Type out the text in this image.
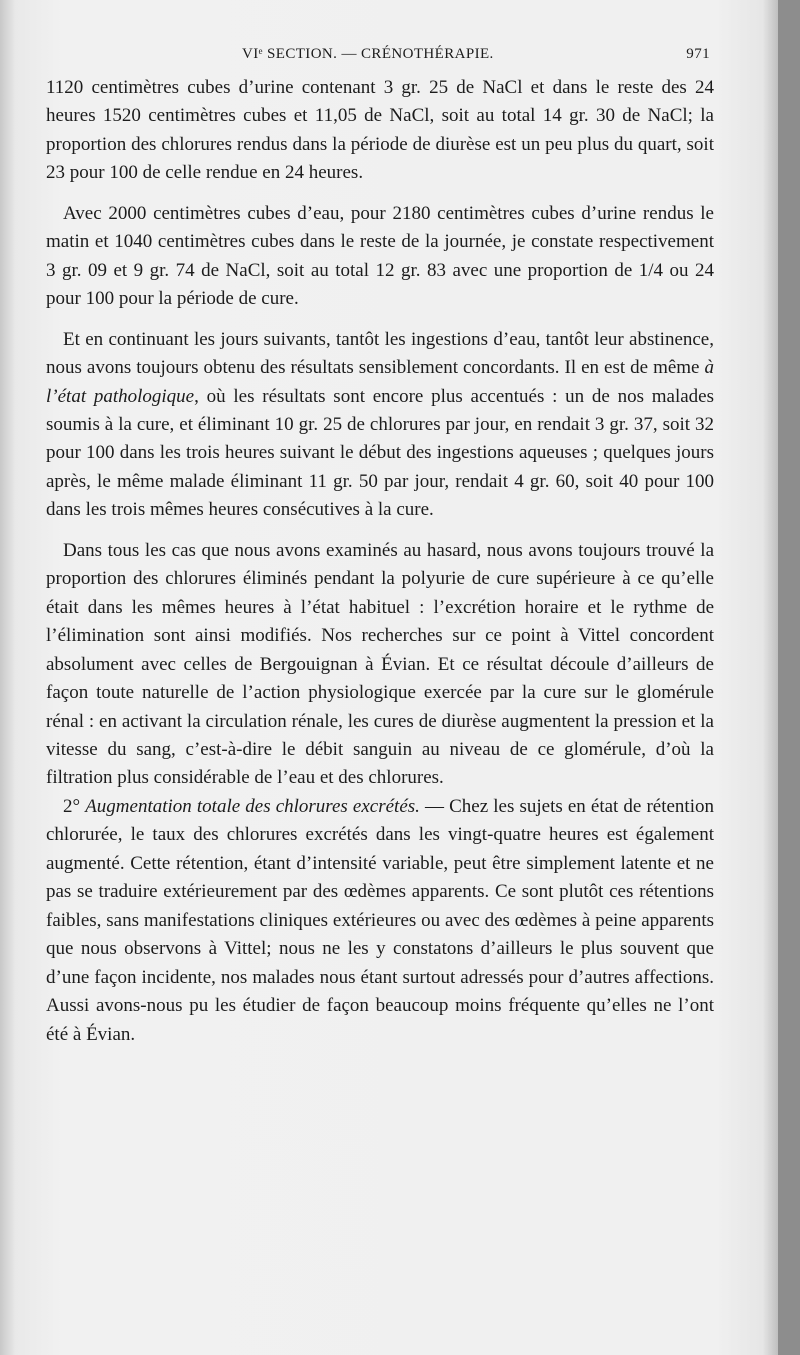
VIᵉ SECTION. — CRÉNOTHÉRAPIE.	971

1120 centimètres cubes d’urine contenant 3 gr. 25 de NaCl et dans le reste des 24 heures 1520 centimètres cubes et 11,05 de NaCl, soit au total 14 gr. 30 de NaCl; la proportion des chlorures rendus dans la période de diurèse est un peu plus du quart, soit 23 pour 100 de celle rendue en 24 heures.

Avec 2000 centimètres cubes d’eau, pour 2180 centimètres cubes d’urine rendus le matin et 1040 centimètres cubes dans le reste de la journée, je constate respectivement 3 gr. 09 et 9 gr. 74 de NaCl, soit au total 12 gr. 83 avec une proportion de 1/4 ou 24 pour 100 pour la période de cure.

Et en continuant les jours suivants, tantôt les ingestions d’eau, tantôt leur abstinence, nous avons toujours obtenu des résultats sensiblement concordants. Il en est de même à l’état pathologique, où les résultats sont encore plus accentués : un de nos malades soumis à la cure, et éliminant 10 gr. 25 de chlorures par jour, en rendait 3 gr. 37, soit 32 pour 100 dans les trois heures suivant le début des ingestions aqueuses ; quelques jours après, le même malade éliminant 11 gr. 50 par jour, rendait 4 gr. 60, soit 40 pour 100 dans les trois mêmes heures consécutives à la cure.

Dans tous les cas que nous avons examinés au hasard, nous avons toujours trouvé la proportion des chlorures éliminés pendant la polyurie de cure supérieure à ce qu’elle était dans les mêmes heures à l’état habituel : l’excrétion horaire et le rythme de l’élimination sont ainsi modifiés. Nos recherches sur ce point à Vittel concordent absolument avec celles de Bergouignan à Évian. Et ce résultat découle d’ailleurs de façon toute naturelle de l’action physiologique exercée par la cure sur le glomérule rénal : en activant la circulation rénale, les cures de diurèse augmentent la pression et la vitesse du sang, c’est-à-dire le débit sanguin au niveau de ce glomérule, d’où la filtration plus considérable de l’eau et des chlorures.

2° Augmentation totale des chlorures excrétés. — Chez les sujets en état de rétention chlorurée, le taux des chlorures excrétés dans les vingt-quatre heures est également augmenté. Cette rétention, étant d’intensité variable, peut être simplement latente et ne pas se traduire extérieurement par des œdèmes apparents. Ce sont plutôt ces rétentions faibles, sans manifestations cliniques extérieures ou avec des œdèmes à peine apparents que nous observons à Vittel; nous ne les y constatons d’ailleurs le plus souvent que d’une façon incidente, nos malades nous étant surtout adressés pour d’autres affections. Aussi avons-nous pu les étudier de façon beaucoup moins fréquente qu’elles ne l’ont été à Évian.
